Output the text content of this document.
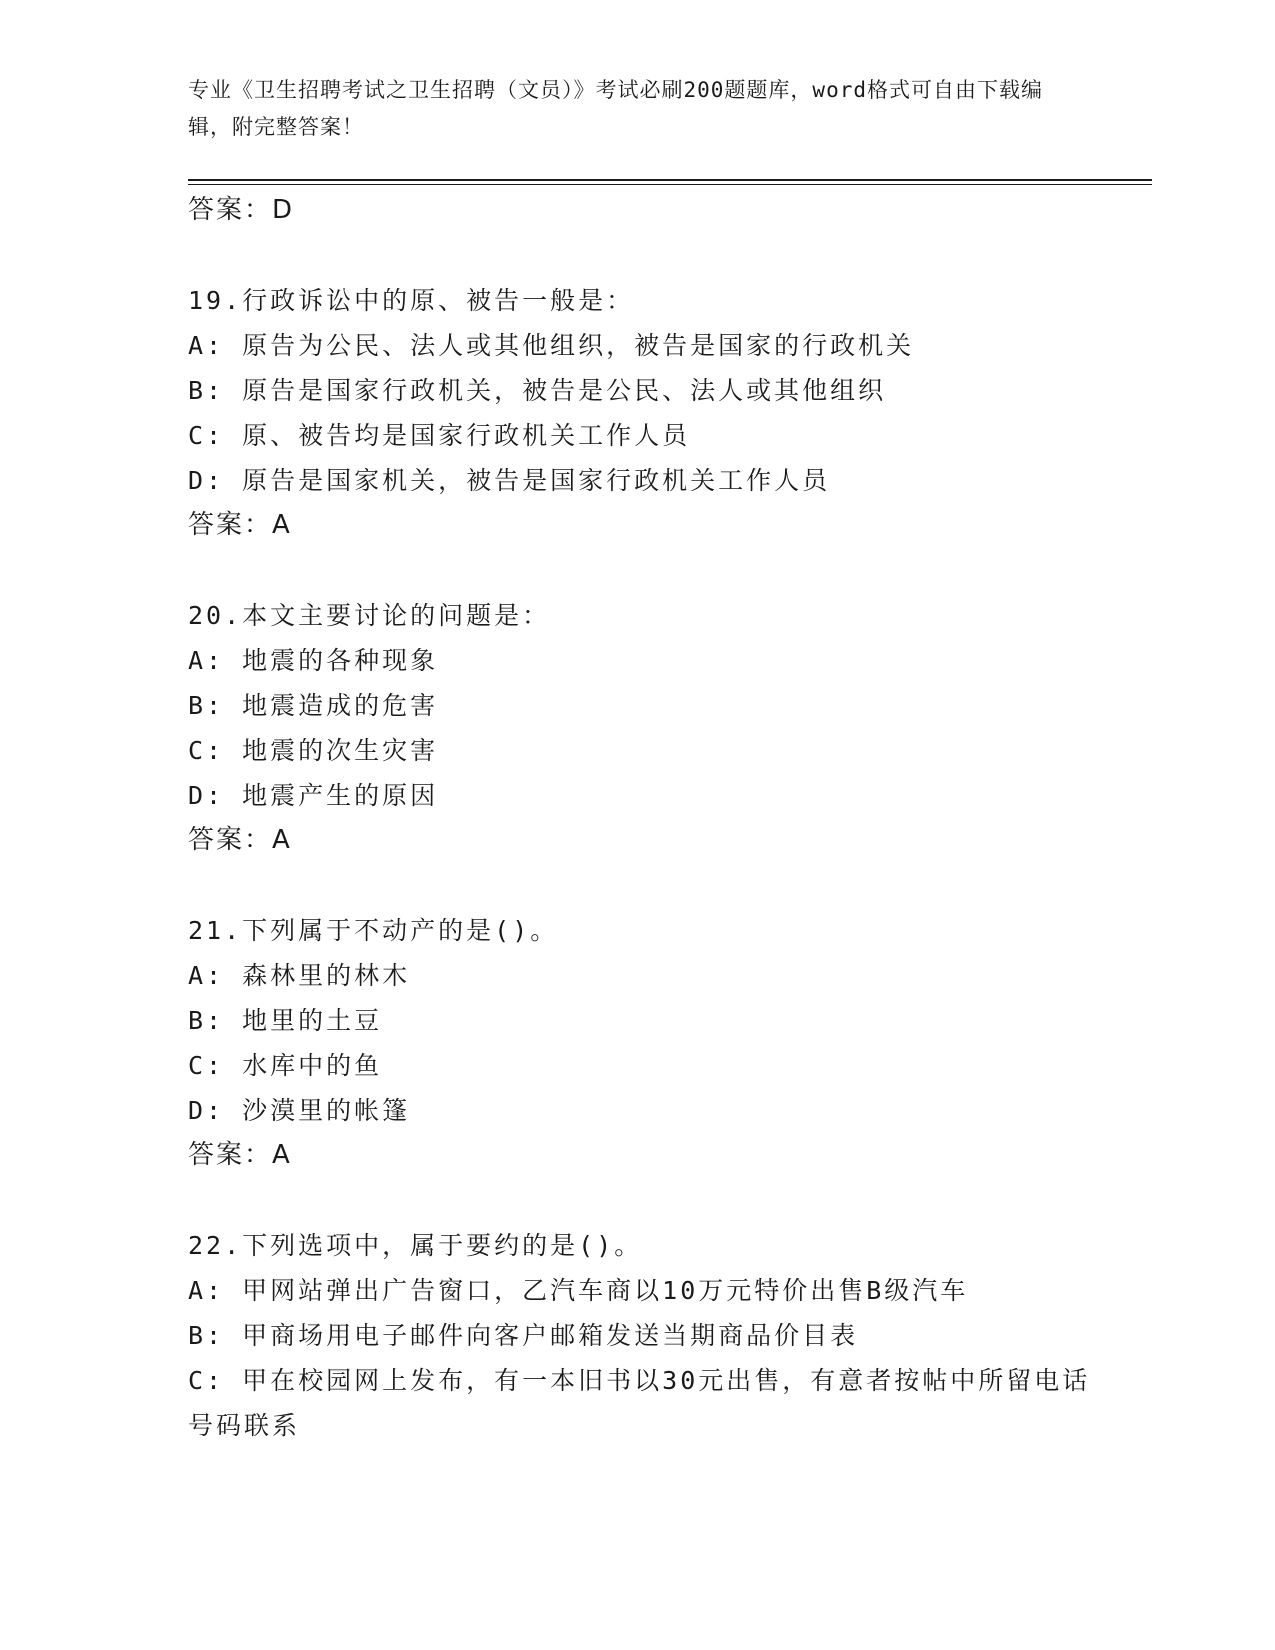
专业《卫生招聘考试之卫生招聘（文员）》考试必刷200题题库，word格式可自由下载编辑，附完整答案！
答案：D
19.行政诉讼中的原、被告一般是：
A: 原告为公民、法人或其他组织，被告是国家的行政机关
B: 原告是国家行政机关，被告是公民、法人或其他组织
C: 原、被告均是国家行政机关工作人员
D: 原告是国家机关，被告是国家行政机关工作人员
答案：A
20.本文主要讨论的问题是：
A: 地震的各种现象
B: 地震造成的危害
C: 地震的次生灾害
D: 地震产生的原因
答案：A
21.下列属于不动产的是()。
A: 森林里的林木
B: 地里的土豆
C: 水库中的鱼
D: 沙漠里的帐篷
答案：A
22.下列选项中，属于要约的是()。
A: 甲网站弹出广告窗口，乙汽车商以10万元特价出售B级汽车
B: 甲商场用电子邮件向客户邮箱发送当期商品价目表
C: 甲在校园网上发布，有一本旧书以30元出售，有意者按帖中所留电话号码联系
